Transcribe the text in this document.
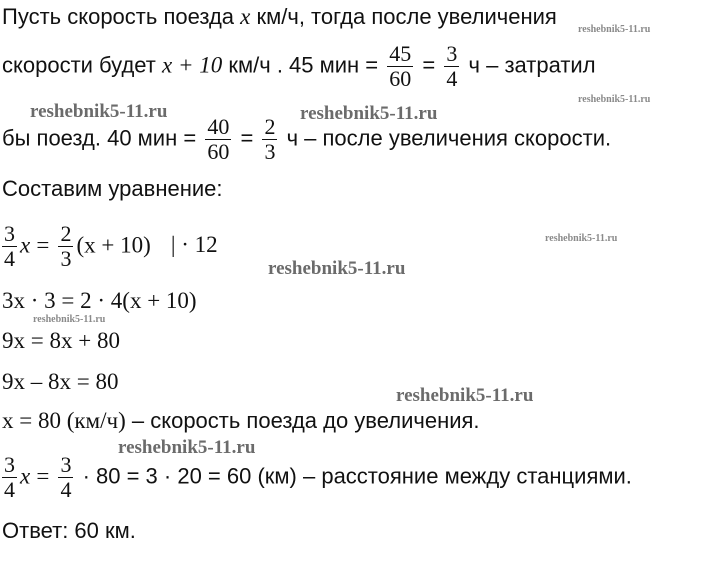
Пусть скорость поезда x км/ч, тогда после увеличения
скорости будет x + 10 км/ч . 45 мин = $\frac{45}{60} = \frac{3}{4}$ ч – затратил
бы поезд. 40 мин = $\frac{40}{60} = \frac{2}{3}$ ч – после увеличения скорости.
Составим уравнение:
$\frac{3}{4}$ $x = \frac{2}{3} (x + 10)$ | · 12
3x · 3 = 2 · 4(x + 10)
9x = 8x + 80
9x – 8x = 80
x = 80 (км/ч) – скорость поезда до увеличения.
$\frac{3}{4}$ $x = \frac{3}{4} \cdot 80 = 3 \cdot 20 = 60$ (км) – расстояние между станциями.
Ответ: 60 км.
reshebnik5-11.ru
reshebnik5-11.ru
reshebnik5-11.ru	reshebnik5-11.ru
reshebnik5-11.ru
reshebnik5-11.ru
reshebnik5-11.ru
reshebnik5-11.ru
reshebnik5-11.ru
